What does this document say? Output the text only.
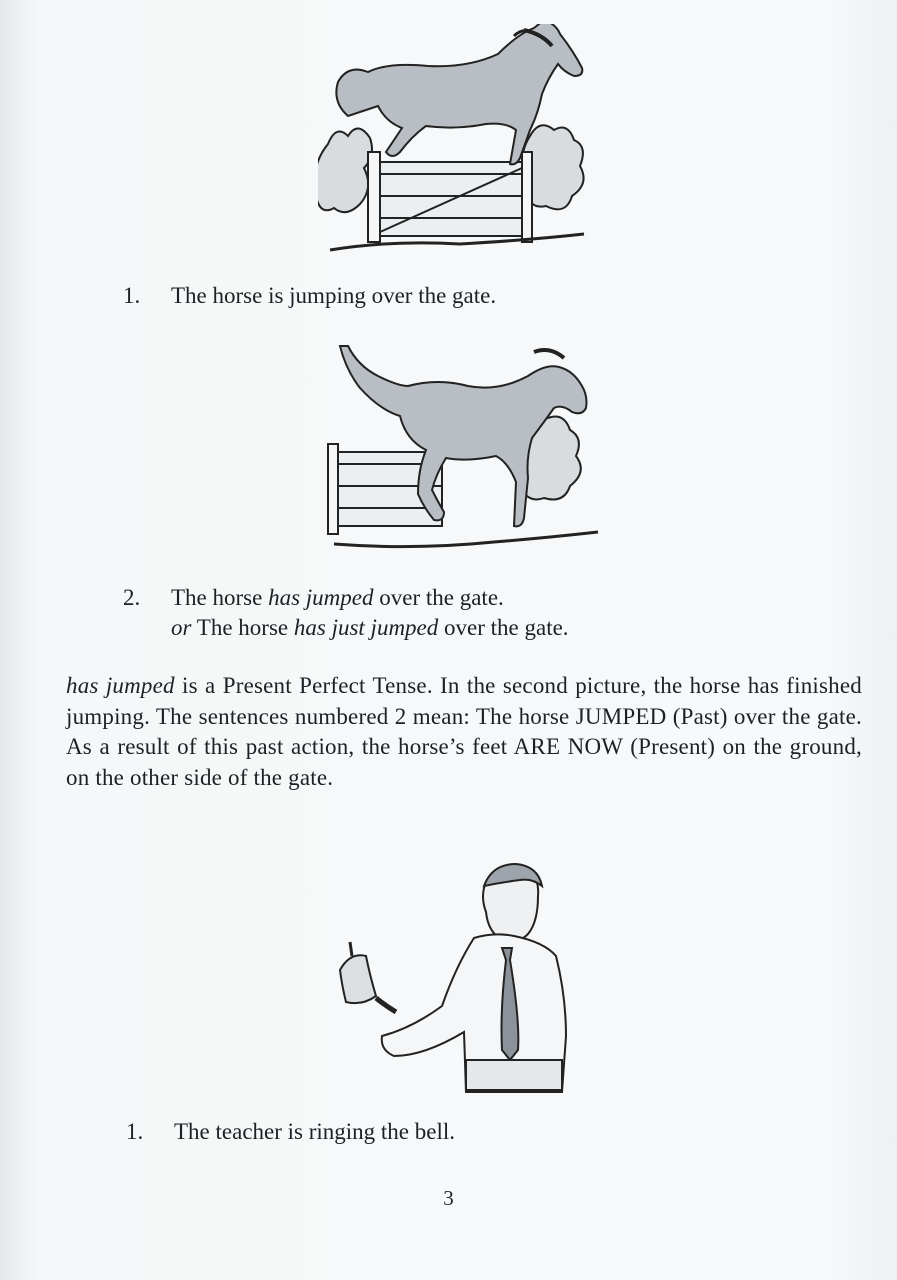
1. The horse is jumping over the gate.
2. The horse has jumped over the gate.
or The horse has just jumped over the gate.

has jumped is a Present Perfect Tense. In the second picture, the horse has finished jumping. The sentences numbered 2 mean: The horse JUMPED (Past) over the gate. As a result of this past action, the horse’s feet ARE NOW (Present) on the ground, on the other side of the gate.

1. The teacher is ringing the bell.
3
